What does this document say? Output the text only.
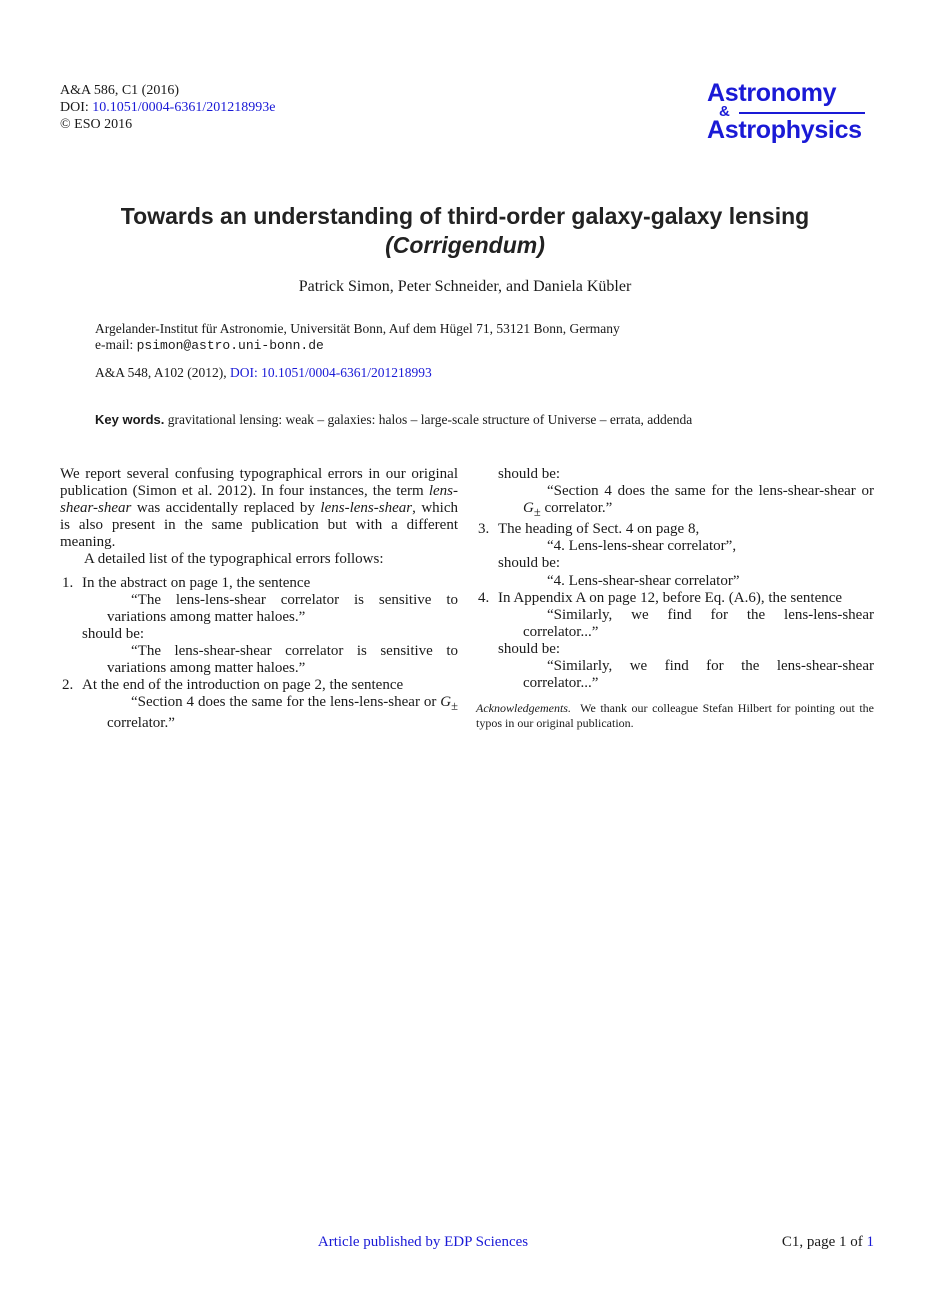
A&A 586, C1 (2016)
DOI: 10.1051/0004-6361/201218993e
© ESO 2016
Astronomy
&
Astrophysics
Towards an understanding of third-order galaxy-galaxy lensing
(Corrigendum)
Patrick Simon, Peter Schneider, and Daniela Kübler
Argelander-Institut für Astronomie, Universität Bonn, Auf dem Hügel 71, 53121 Bonn, Germany
e-mail: psimon@astro.uni-bonn.de
A&A 548, A102 (2012), DOI: 10.1051/0004-6361/201218993
Key words. gravitational lensing: weak – galaxies: halos – large-scale structure of Universe – errata, addenda

We report several confusing typographical errors in our original publication (Simon et al. 2012). In four instances, the term lens-shear-shear was accidentally replaced by lens-lens-shear, which is also present in the same publication but with a different meaning.

A detailed list of the typographical errors follows:

1. In the abstract on page 1, the sentence
“The lens-lens-shear correlator is sensitive to variations among matter haloes.”
should be:
“The lens-shear-shear correlator is sensitive to variations among matter haloes.”
2. At the end of the introduction on page 2, the sentence
“Section 4 does the same for the lens-lens-shear or $G_\pm$ correlator.”
should be:
“Section 4 does the same for the lens-shear-shear or $G_\pm$ correlator.”
3. The heading of Sect. 4 on page 8,
“4. Lens-lens-shear correlator”,
should be:
“4. Lens-shear-shear correlator”
4. In Appendix A on page 12, before Eq. (A.6), the sentence
“Similarly, we find for the lens-lens-shear correlator...”
should be:
“Similarly, we find for the lens-shear-shear correlator...”

Acknowledgements. We thank our colleague Stefan Hilbert for pointing out the typos in our original publication.

Article published by EDP Sciences	C1, page 1 of 1
